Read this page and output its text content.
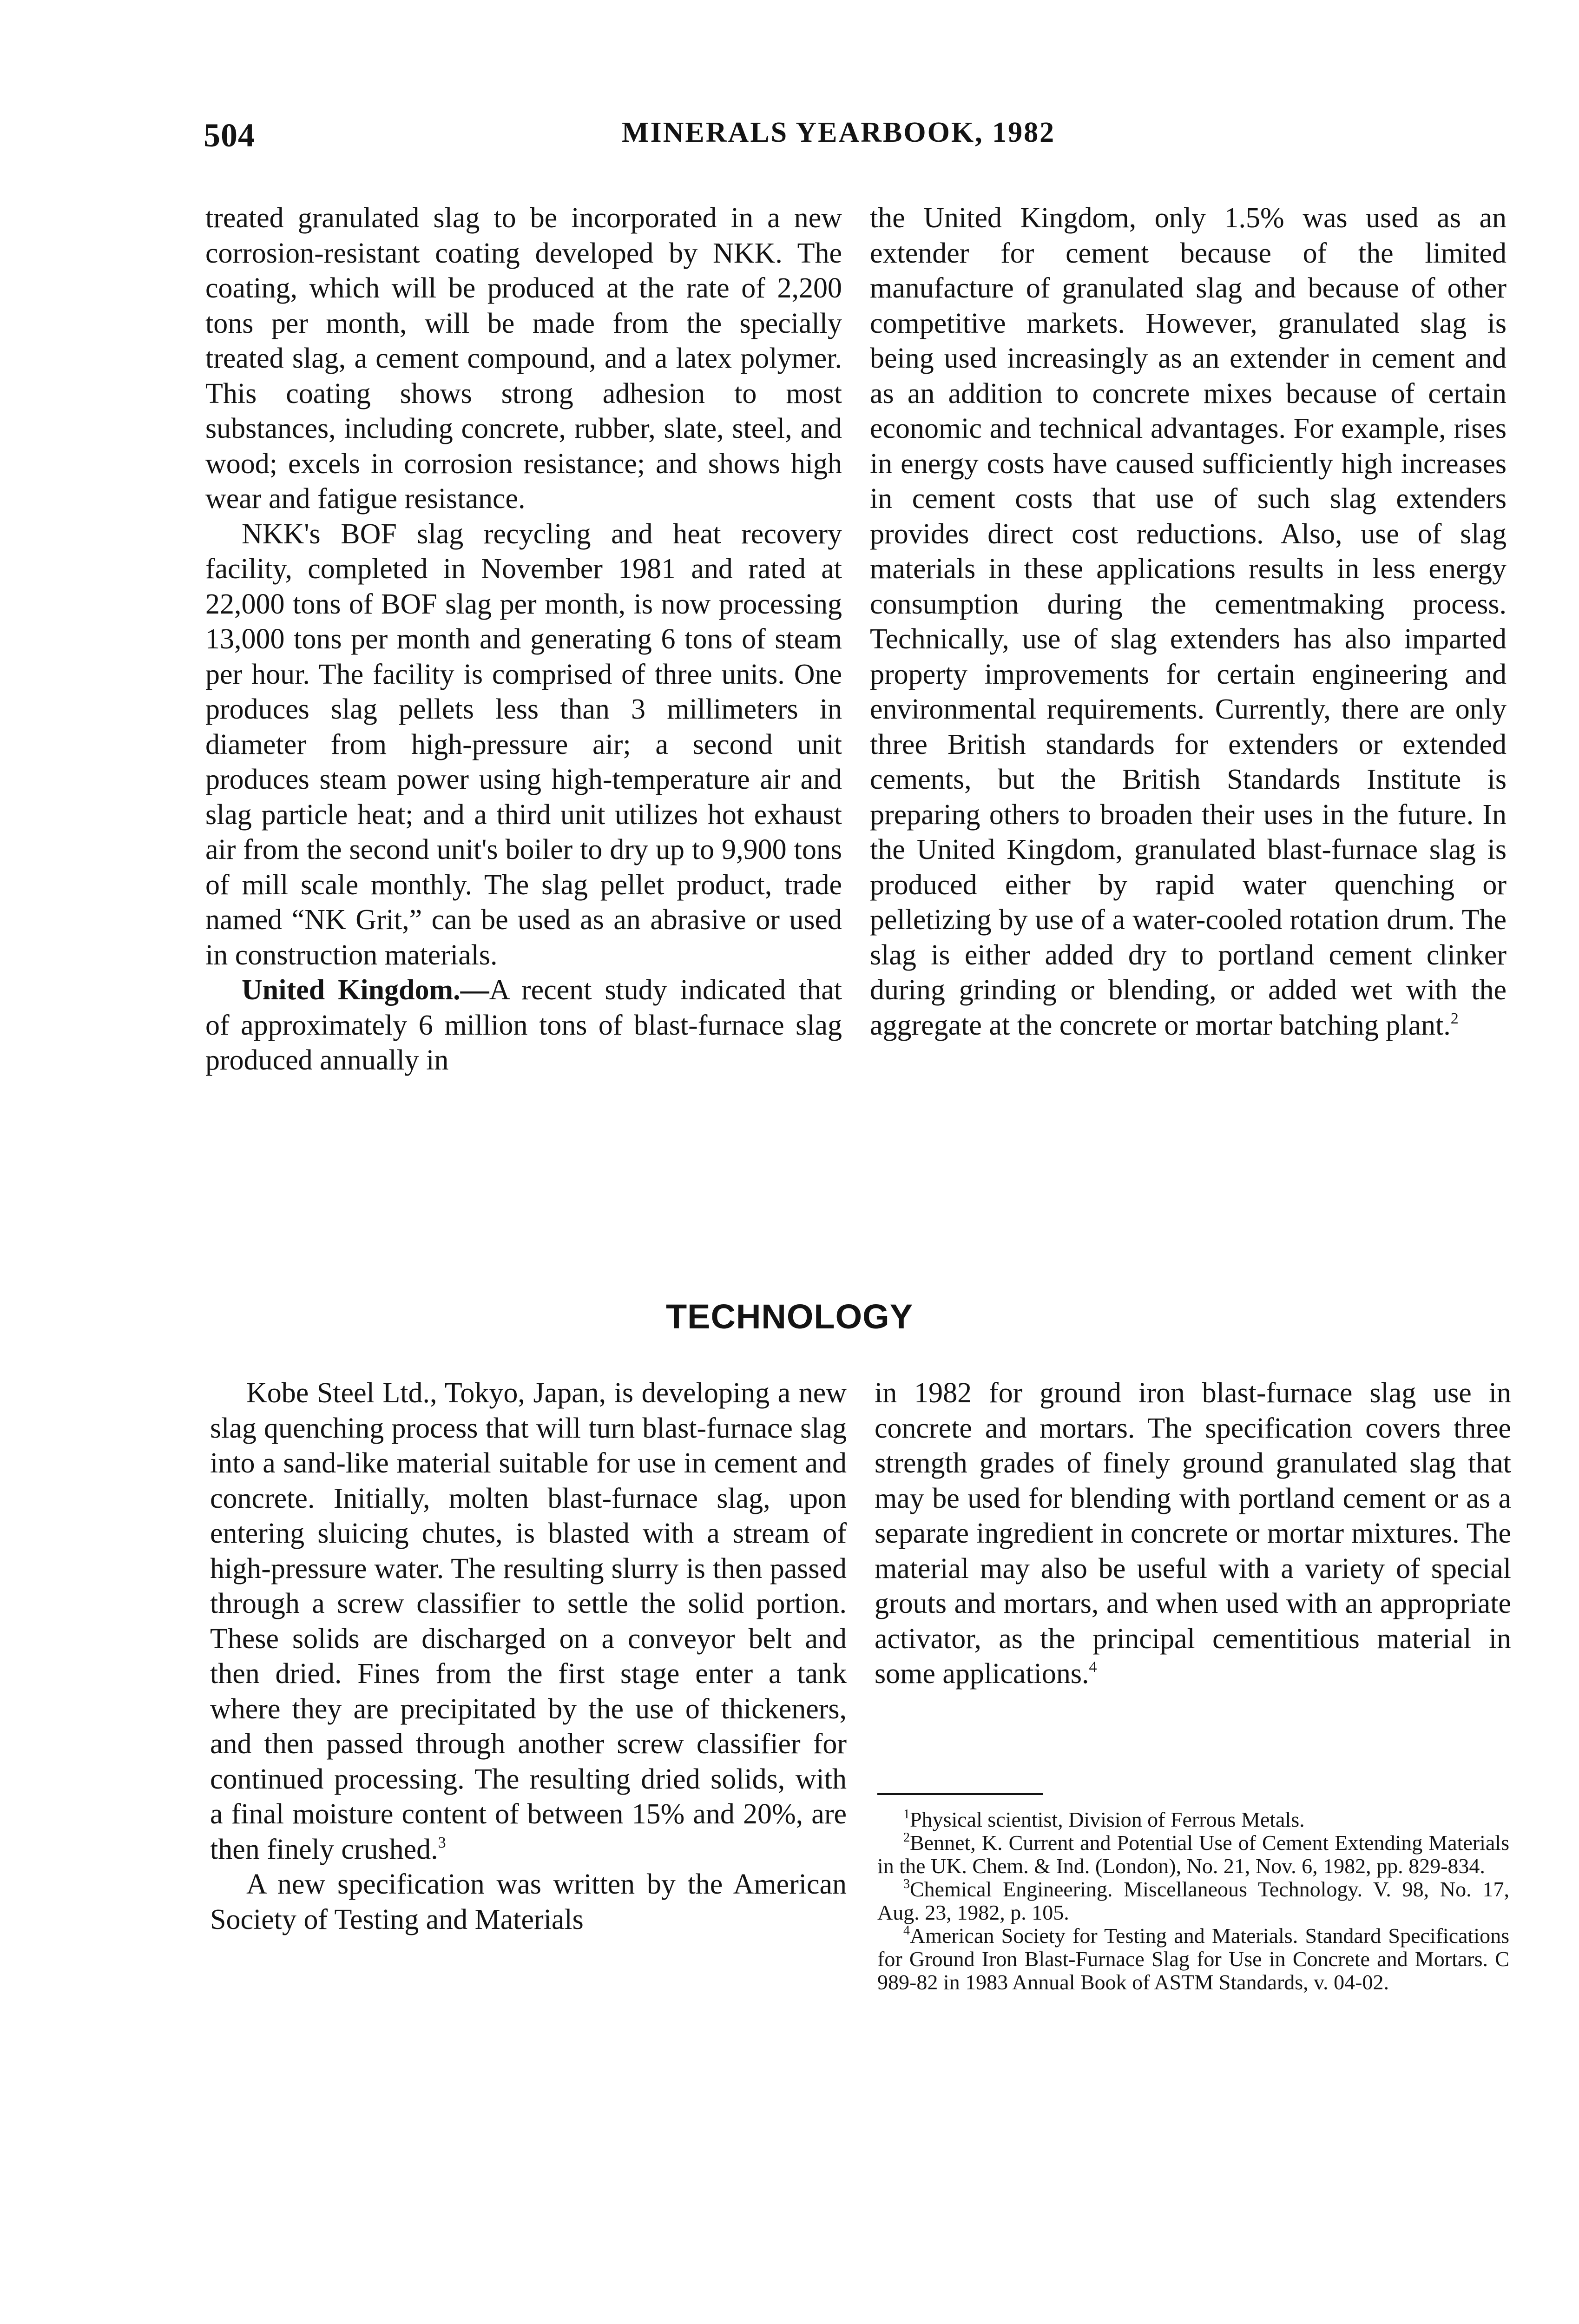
504	MINERALS YEARBOOK, 1982

treated granulated slag to be incorporated in a new corrosion-resistant coating developed by NKK. The coating, which will be produced at the rate of 2,200 tons per month, will be made from the specially treated slag, a cement compound, and a latex polymer. This coating shows strong adhesion to most substances, including concrete, rubber, slate, steel, and wood; excels in corrosion resistance; and shows high wear and fatigue resistance.

NKK's BOF slag recycling and heat recovery facility, completed in November 1981 and rated at 22,000 tons of BOF slag per month, is now processing 13,000 tons per month and generating 6 tons of steam per hour. The facility is comprised of three units. One produces slag pellets less than 3 millimeters in diameter from high-pressure air; a second unit produces steam power using high-temperature air and slag particle heat; and a third unit utilizes hot exhaust air from the second unit's boiler to dry up to 9,900 tons of mill scale monthly. The slag pellet product, trade named “NK Grit,” can be used as an abrasive or used in construction materials.

United Kingdom.—A recent study indicated that of approximately 6 million tons of blast-furnace slag produced annually in

the United Kingdom, only 1.5% was used as an extender for cement because of the limited manufacture of granulated slag and because of other competitive markets. However, granulated slag is being used increasingly as an extender in cement and as an addition to concrete mixes because of certain economic and technical advantages. For example, rises in energy costs have caused sufficiently high increases in cement costs that use of such slag extenders provides direct cost reductions. Also, use of slag materials in these applications results in less energy consumption during the cementmaking process. Technically, use of slag extenders has also imparted property improvements for certain engineering and environmental requirements. Currently, there are only three British standards for extenders or extended cements, but the British Standards Institute is preparing others to broaden their uses in the future. In the United Kingdom, granulated blast-furnace slag is produced either by rapid water quenching or pelletizing by use of a water-cooled rotation drum. The slag is either added dry to portland cement clinker during grinding or blending, or added wet with the aggregate at the concrete or mortar batching plant.$^2$

TECHNOLOGY

Kobe Steel Ltd., Tokyo, Japan, is developing a new slag quenching process that will turn blast-furnace slag into a sand-like material suitable for use in cement and concrete. Initially, molten blast-furnace slag, upon entering sluicing chutes, is blasted with a stream of high-pressure water. The resulting slurry is then passed through a screw classifier to settle the solid portion. These solids are discharged on a conveyor belt and then dried. Fines from the first stage enter a tank where they are precipitated by the use of thickeners, and then passed through another screw classifier for continued processing. The resulting dried solids, with a final moisture content of between 15% and 20%, are then finely crushed.$^3$

A new specification was written by the American Society of Testing and Materials

in 1982 for ground iron blast-furnace slag use in concrete and mortars. The specification covers three strength grades of finely ground granulated slag that may be used for blending with portland cement or as a separate ingredient in concrete or mortar mixtures. The material may also be useful with a variety of special grouts and mortars, and when used with an appropriate activator, as the principal cementitious material in some applications.$^4$

$^1$Physical scientist, Division of Ferrous Metals.

$^2$Bennet, K. Current and Potential Use of Cement Extending Materials in the UK. Chem. & Ind. (London), No. 21, Nov. 6, 1982, pp. 829-834.

$^3$Chemical Engineering. Miscellaneous Technology. V. 98, No. 17, Aug. 23, 1982, p. 105.

$^4$American Society for Testing and Materials. Standard Specifications for Ground Iron Blast-Furnace Slag for Use in Concrete and Mortars. C 989-82 in 1983 Annual Book of ASTM Standards, v. 04-02.
